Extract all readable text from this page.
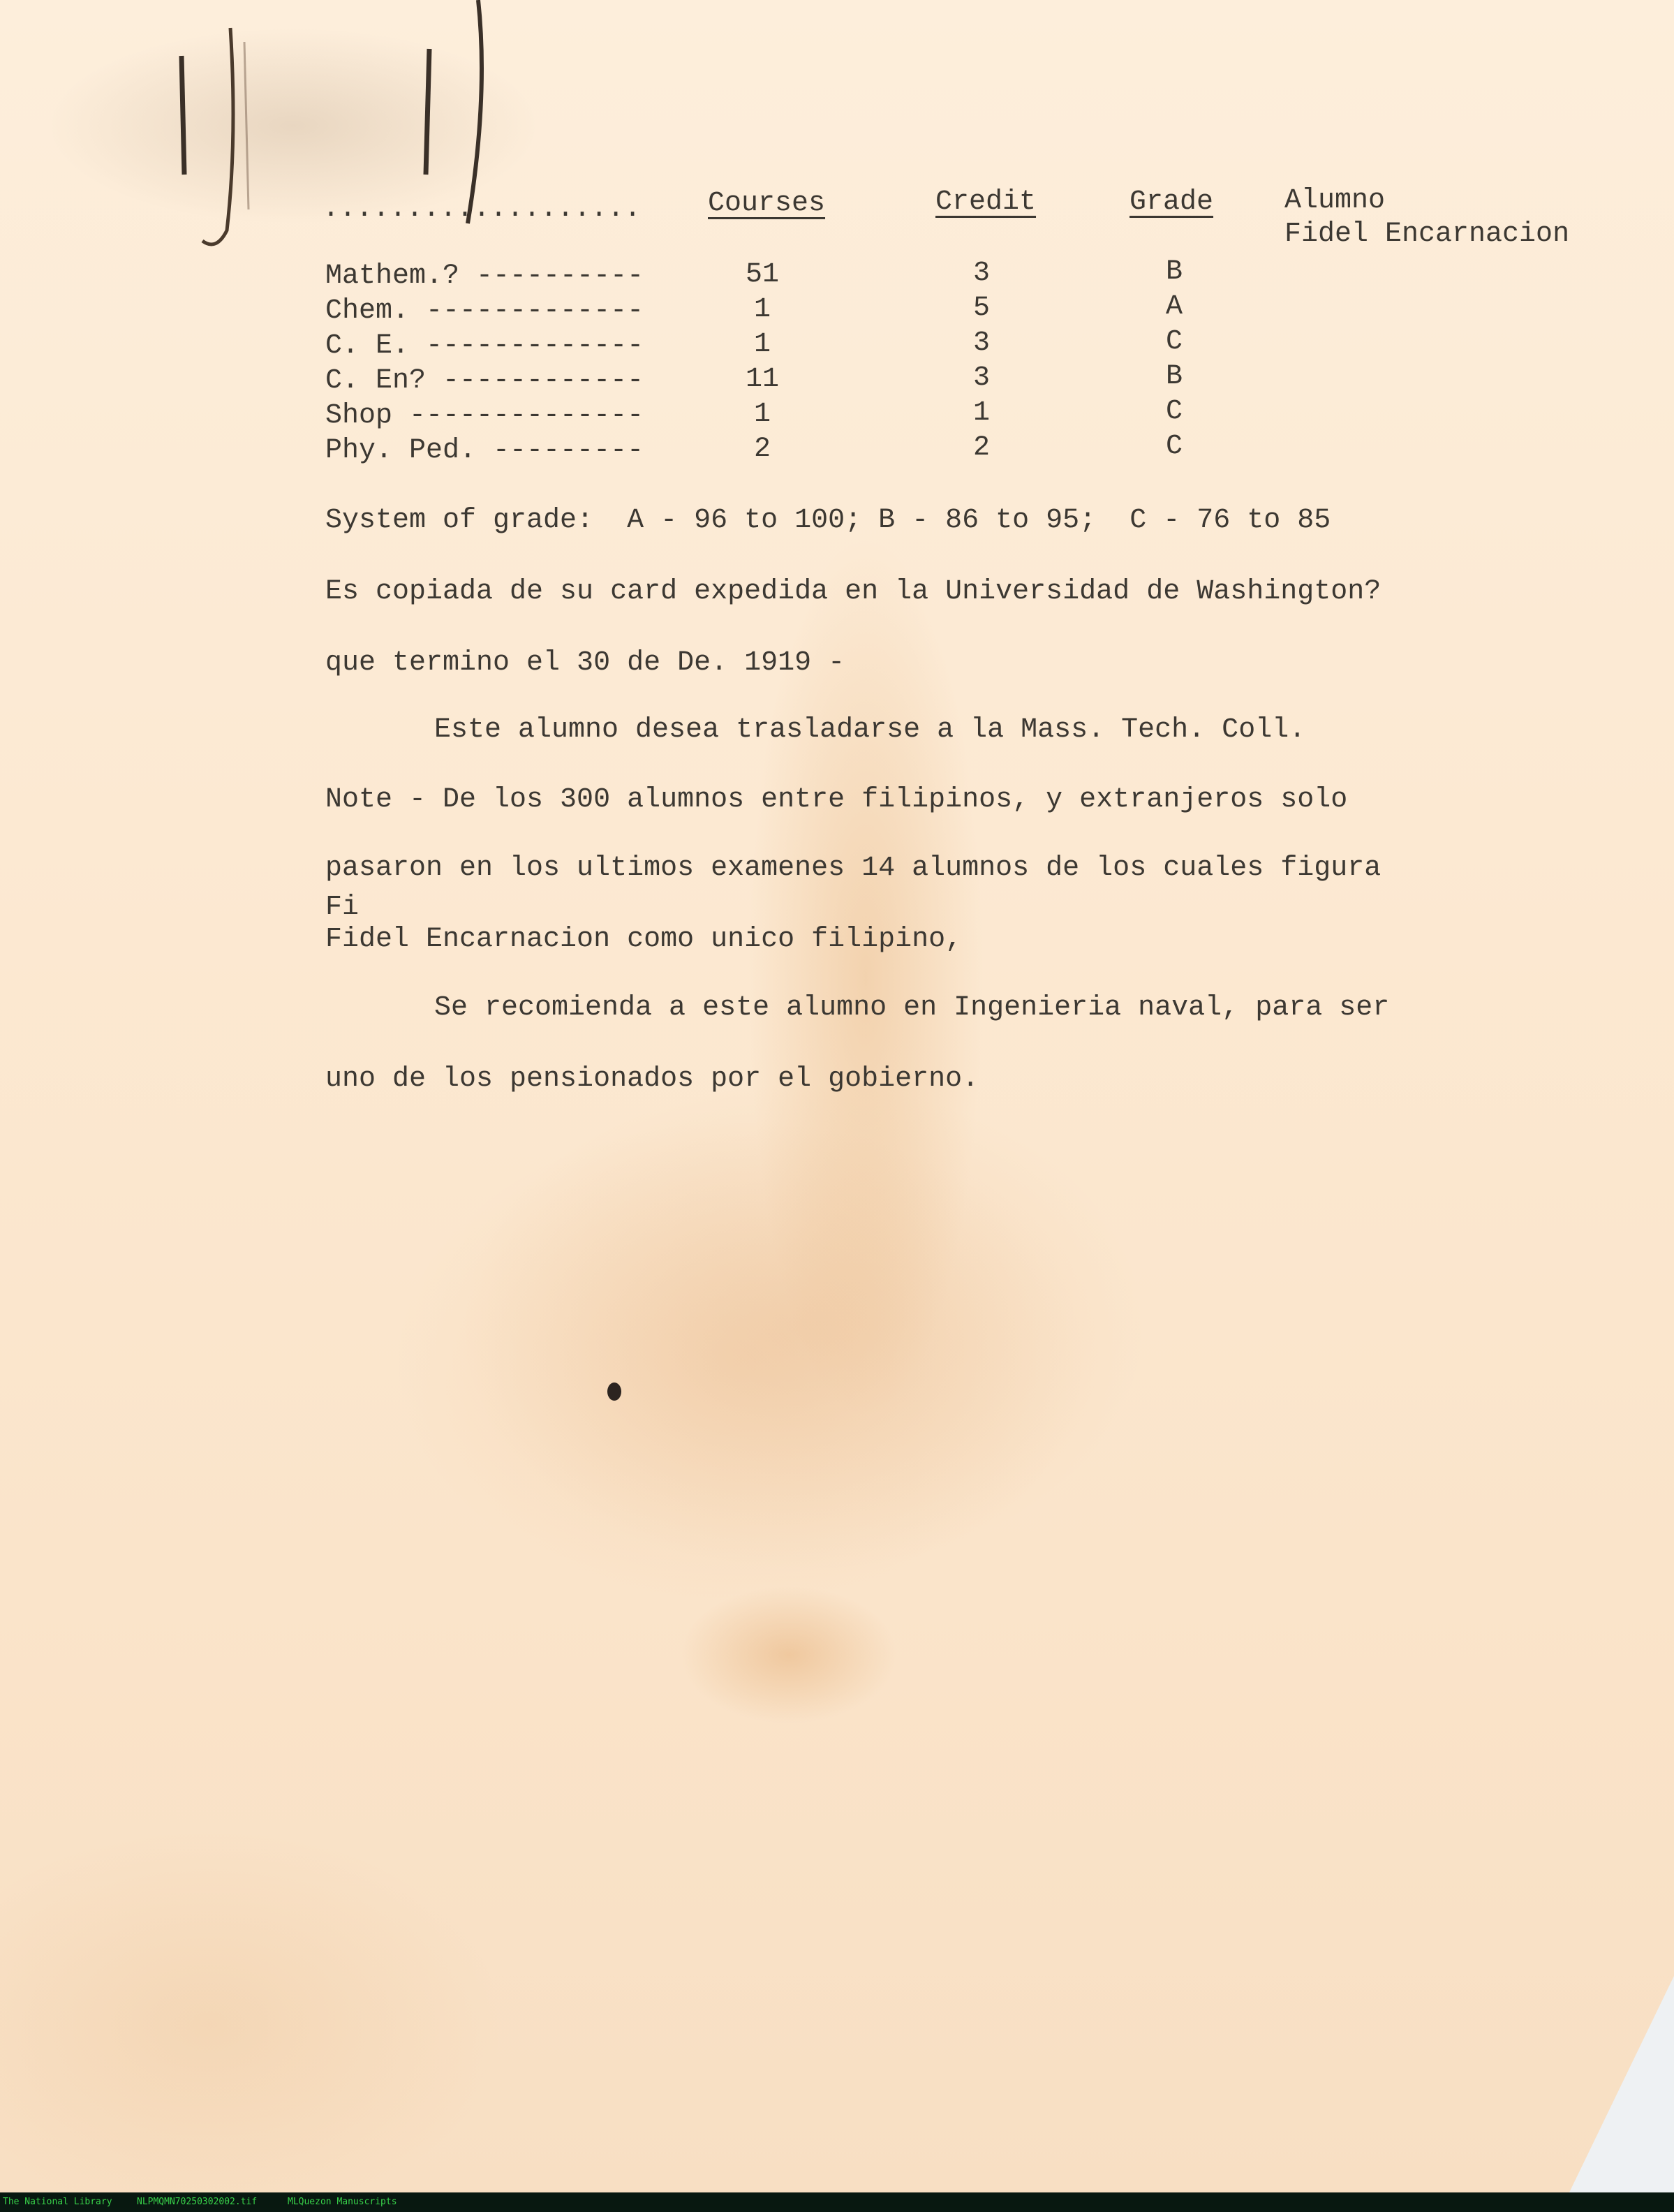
................... Courses	Credit	Grade	Alumno
Fidel Encarnacion
Mathem.? ----------	51	3	B
Chem. -------------	1	5	A
C. E. -------------	1	3	C
C. En? ------------	11	3	B
Shop --------------	1	1	C
Phy. Ped. ---------	2	2	C
System of grade:  A - 96 to 100; B - 86 to 95;  C - 76 to 85
Es copiada de su card expedida en la Universidad de Washington?
que termino el 30 de De. 1919 -
Este alumno desea trasladarse a la Mass. Tech. Coll.
Note - De los 300 alumnos entre filipinos, y extranjeros solo
pasaron en los ultimos examenes 14 alumnos de los cuales figura
Fi
Fidel Encarnacion como unico filipino,
Se recomienda a este alumno en Ingenieria naval, para ser
uno de los pensionados por el gobierno.
The National Library	NLPMQMN70250302002.tif	MLQuezon Manuscripts
